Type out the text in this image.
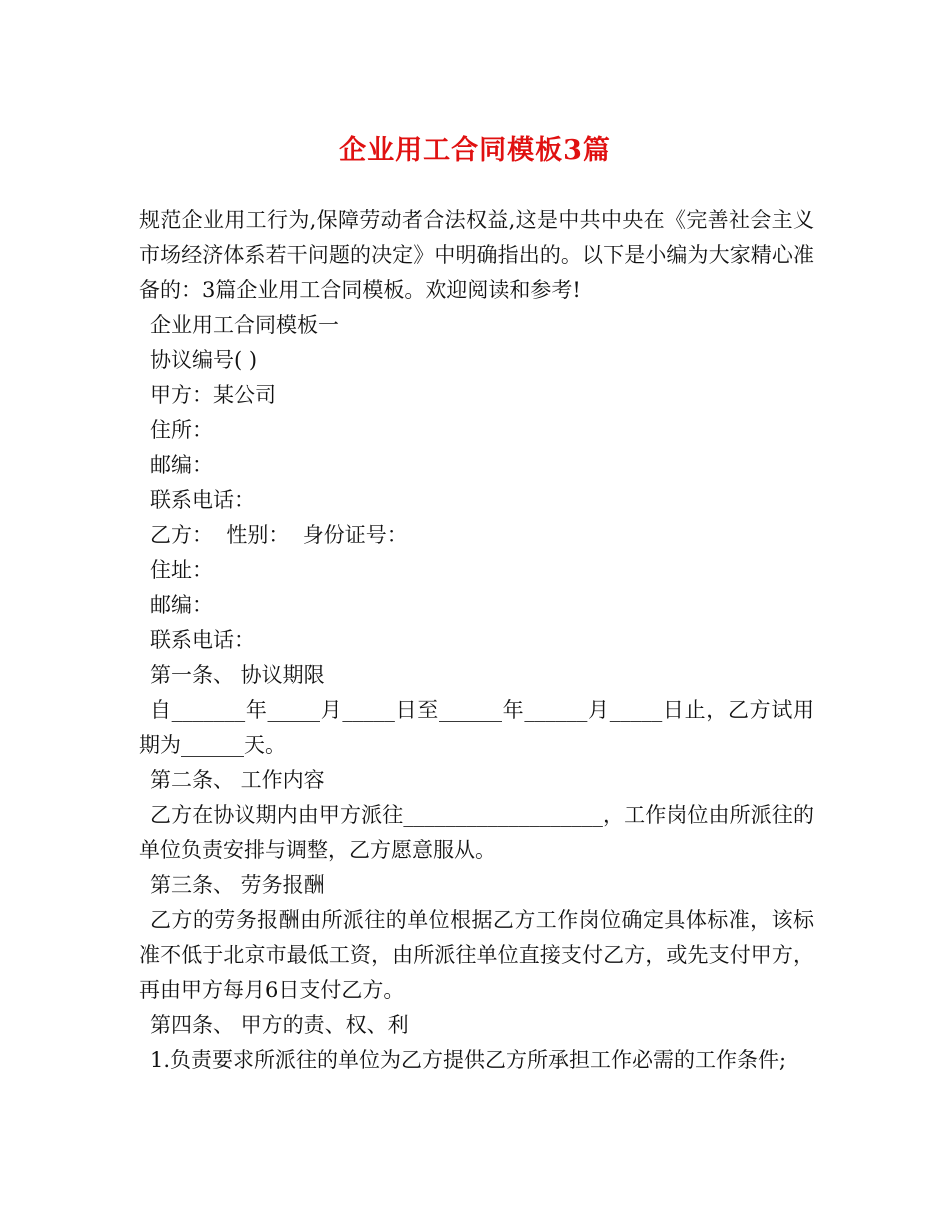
企业用工合同模板3篇

规范企业用工行为,保障劳动者合法权益,这是中共中央在《完善社会主义市场经济体系若干问题的决定》中明确指出的。以下是小编为大家精心准备的：3篇企业用工合同模板。欢迎阅读和参考!

企业用工合同模板一

协议编号( )

甲方：某公司

住所：

邮编：

联系电话：

乙方：  性别：  身份证号：

住址：

邮编：

联系电话：

第一条、 协议期限

自_______年_____月_____日至______年______月_____日止，乙方试用期为______天。

第二条、 工作内容

乙方在协议期内由甲方派往___________________，工作岗位由所派往的单位负责安排与调整，乙方愿意服从。

第三条、 劳务报酬

乙方的劳务报酬由所派往的单位根据乙方工作岗位确定具体标准，该标准不低于北京市最低工资，由所派往单位直接支付乙方，或先支付甲方，再由甲方每月6日支付乙方。

第四条、 甲方的责、权、利

1.负责要求所派往的单位为乙方提供乙方所承担工作必需的工作条件;
